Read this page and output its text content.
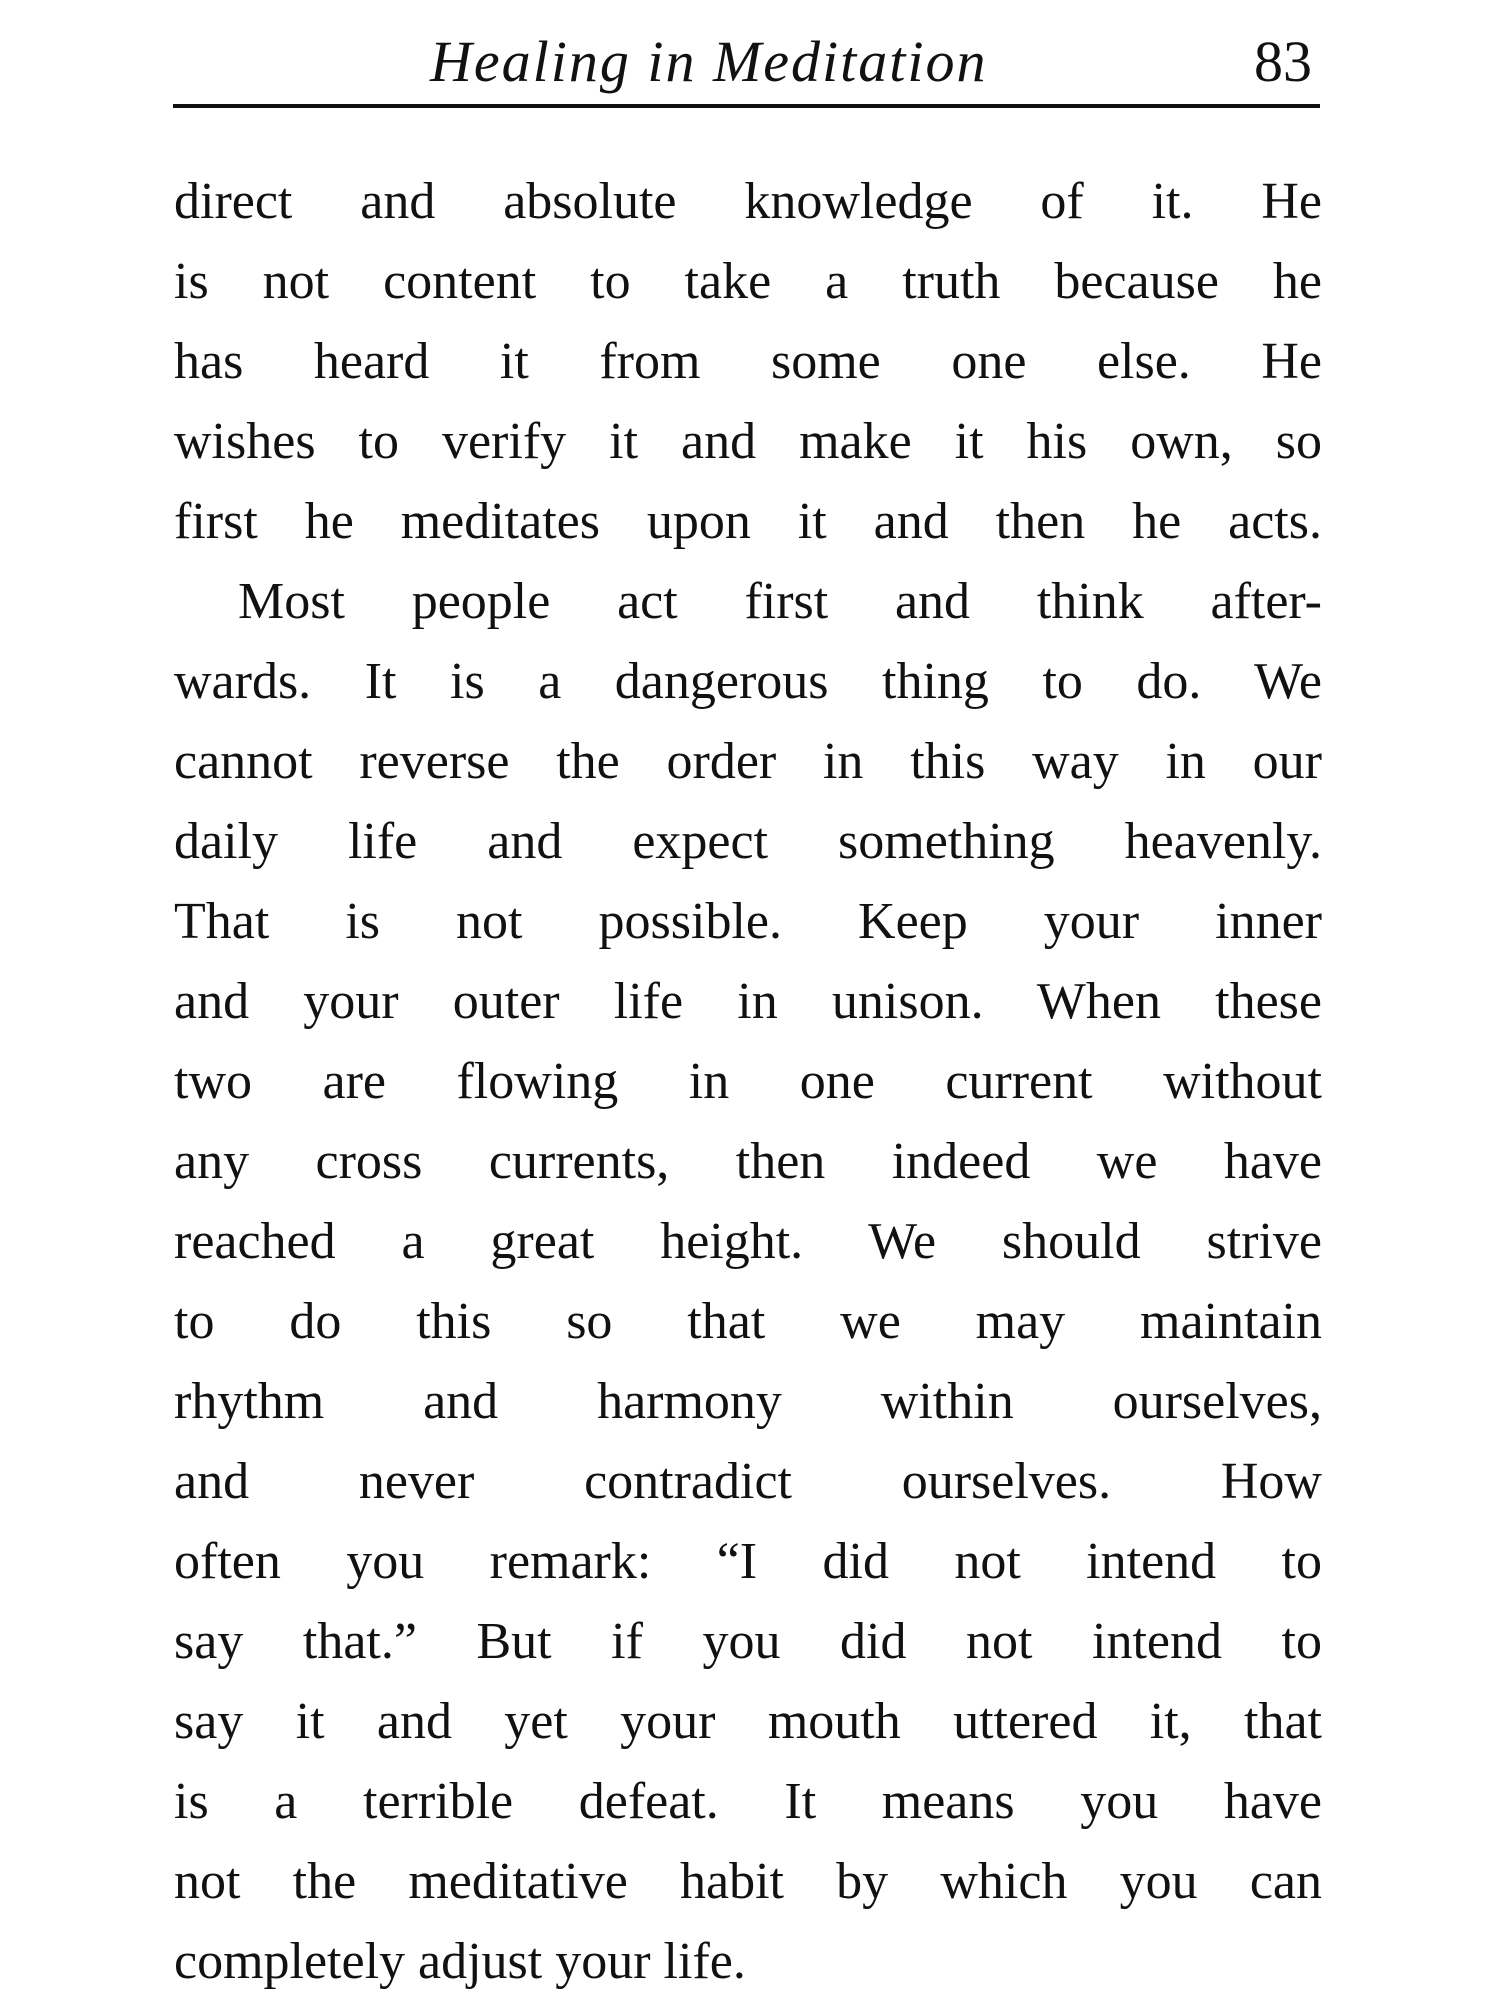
Healing in Meditation	83
direct and absolute knowledge of it. He
is not content to take a truth because he
has heard it from some one else. He
wishes to verify it and make it his own, so
first he meditates upon it and then he acts.
Most people act first and think after-
wards. It is a dangerous thing to do. We
cannot reverse the order in this way in our
daily life and expect something heavenly.
That is not possible. Keep your inner
and your outer life in unison. When these
two are flowing in one current without
any cross currents, then indeed we have
reached a great height. We should strive
to do this so that we may maintain
rhythm and harmony within ourselves,
and never contradict ourselves. How
often you remark: “I did not intend to
say that.” But if you did not intend to
say it and yet your mouth uttered it, that
is a terrible defeat. It means you have
not the meditative habit by which you can
completely adjust your life.
